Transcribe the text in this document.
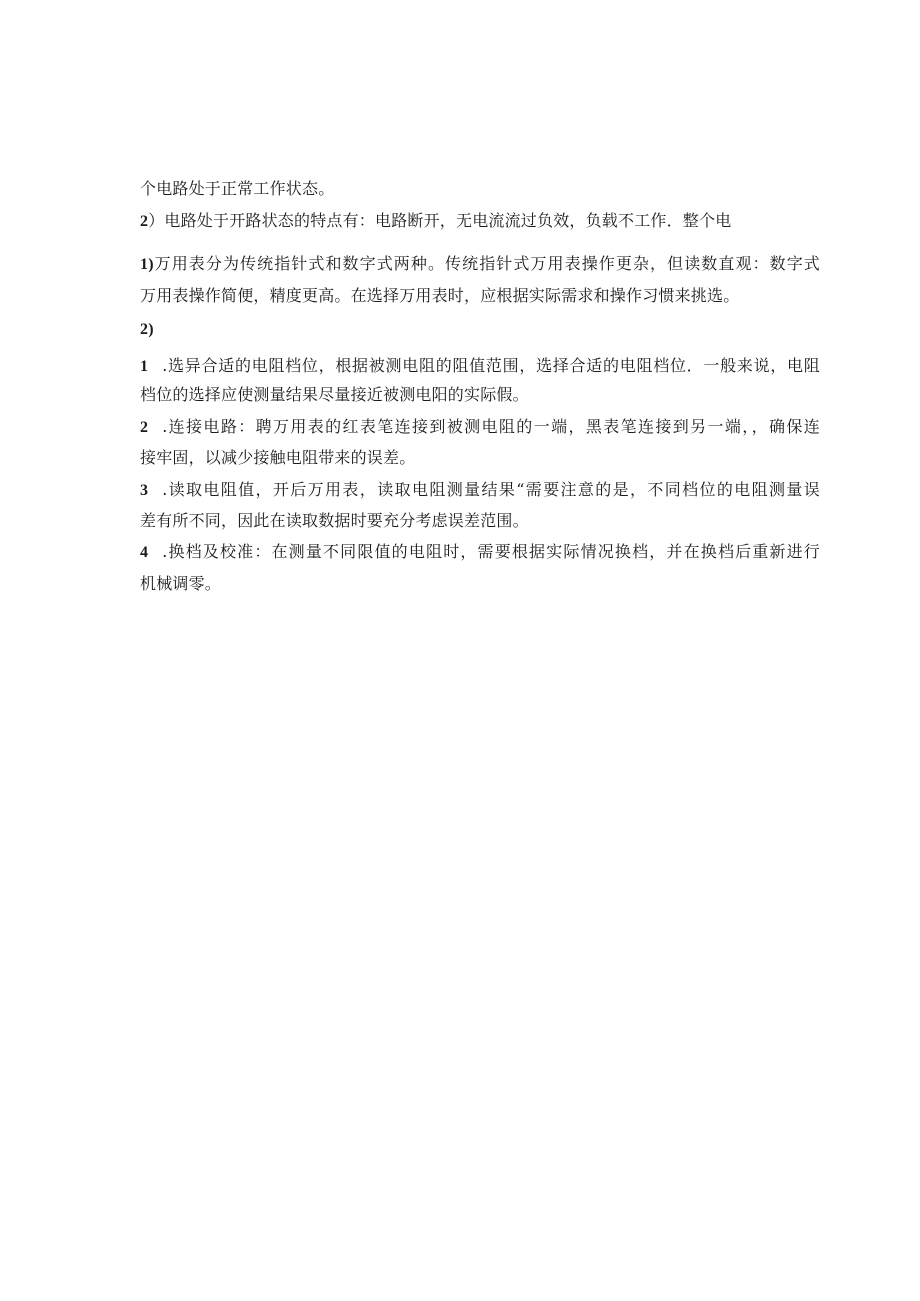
个电路处于正常工作状态。
2）电路处于开路状态的特点有：电路断开，无电流流过负效，负载不工作．整个电
1)万用表分为传统指针式和数字式两种。传统指针式万用表操作更杂，但读数直观：数字式
万用表操作简便，精度更高。在选择万用表时，应根据实际需求和操作习惯来挑选。
2)
1 .选异合适的电阻档位，根据被测电阻的阻值范围，选择合适的电阻档位．一般来说，电阻
档位的选择应使测量结果尽量接近被测电阳的实际假。
2 .连接电路：聘万用表的红表笔连接到被测电阻的一端，黑表笔连接到另一端，，确保连
接牢固，以减少接触电阻带来的误差。
3 .读取电阻值，开后万用表，读取电阻测量结果“需要注意的是，不同档位的电阻测量误
差有所不同，因此在读取数据时要充分考虑误差范围。
4 .换档及校准：在测量不同限值的电阻时，需要根据实际情况换档，并在换档后重新进行
机械调零。
